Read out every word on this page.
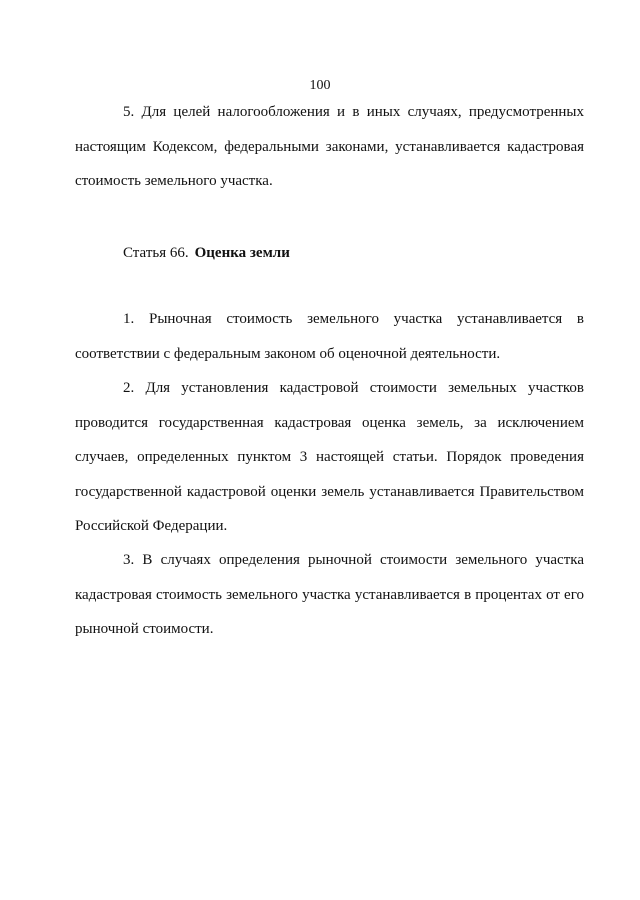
100
5. Для целей налогообложения и в иных случаях, предусмотренных
настоящим Кодексом, федеральными законами, устанавливается кадастровая
стоимость земельного участка.
Статья 66. Оценка земли
1. Рыночная стоимость земельного участка устанавливается в
соответствии с федеральным законом об оценочной деятельности.
2. Для установления кадастровой стоимости земельных участков
проводится государственная кадастровая оценка земель, за исключением
случаев, определенных пунктом 3 настоящей статьи. Порядок проведения
государственной кадастровой оценки земель устанавливается Правительством
Российской Федерации.
3. В случаях определения рыночной стоимости земельного участка
кадастровая стоимость земельного участка устанавливается в процентах от его
рыночной стоимости.
